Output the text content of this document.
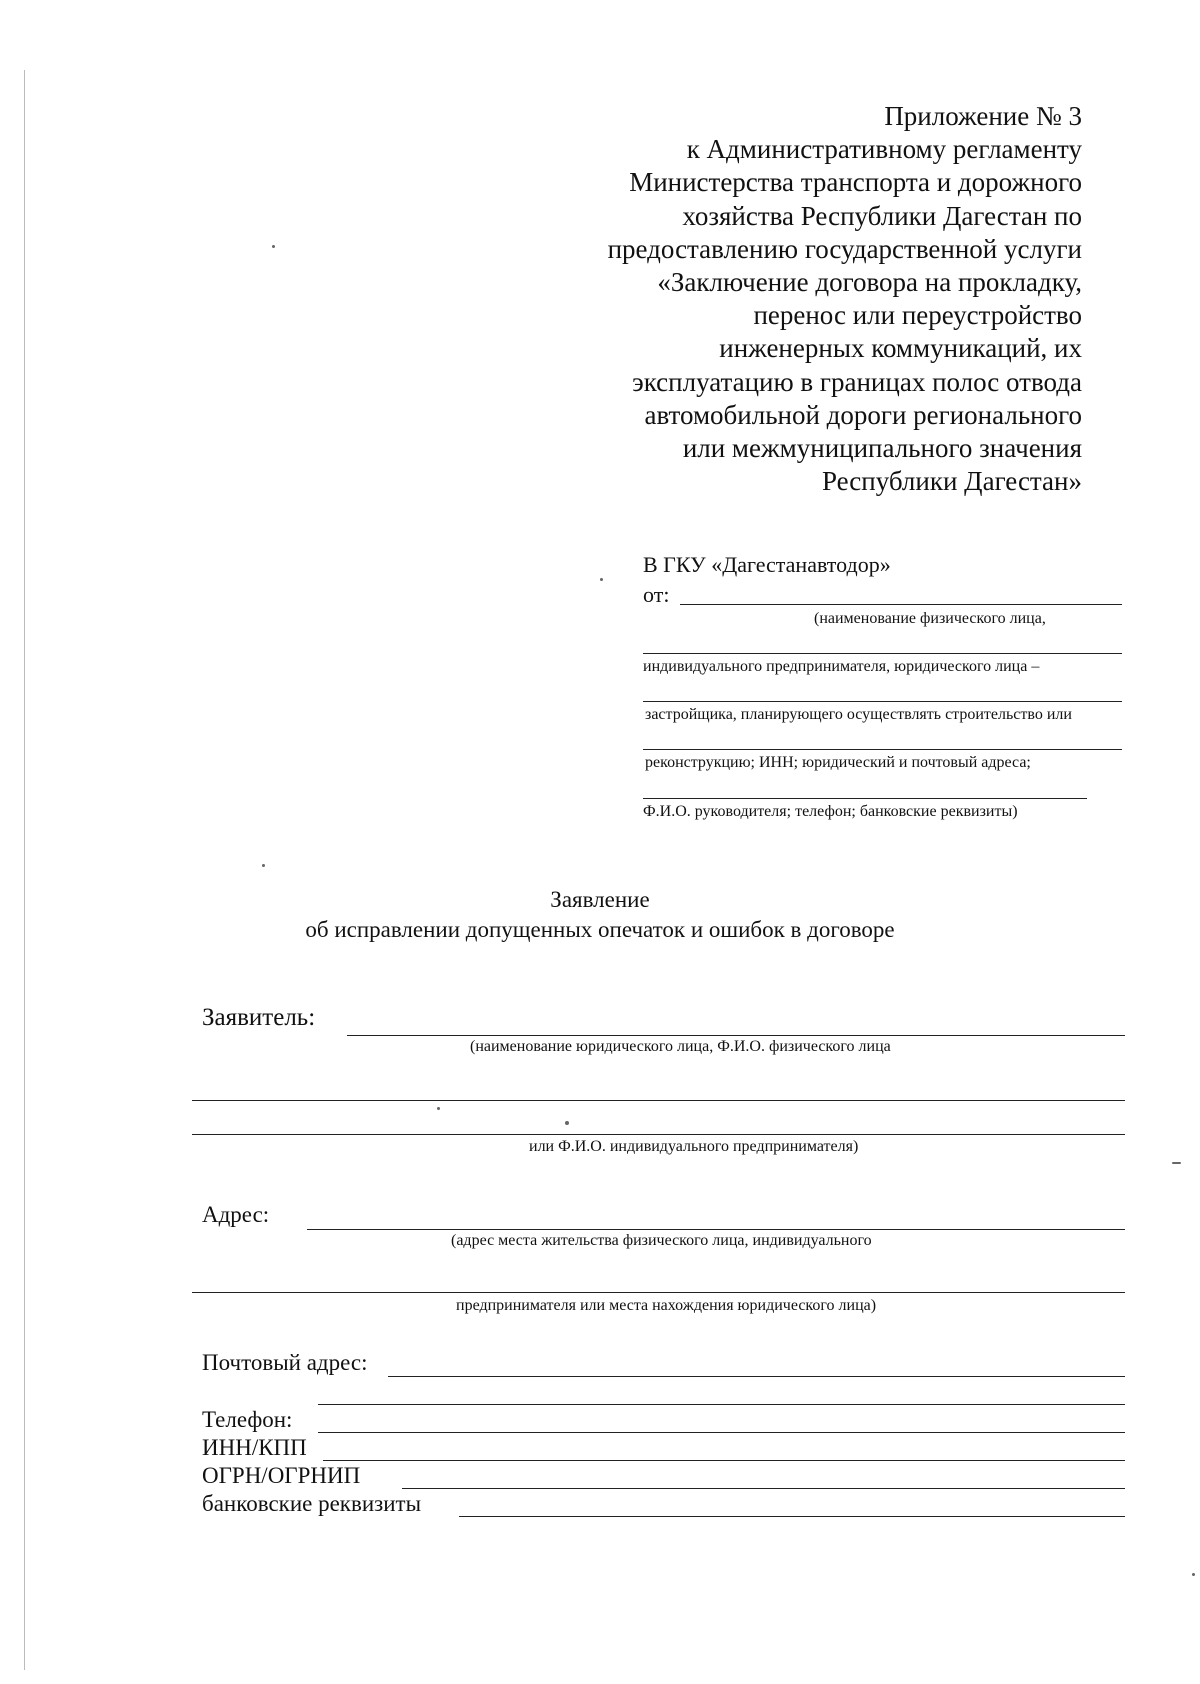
Приложение № 3
к Административному регламенту
Министерства транспорта и дорожного
хозяйства Республики Дагестан по
предоставлению государственной услуги
«Заключение договора на прокладку,
перенос или переустройство
инженерных коммуникаций, их
эксплуатацию в границах полос отвода
автомобильной дороги регионального
или межмуниципального значения
Республики Дагестан»
В ГКУ «Дагестанавтодор»
от:
(наименование физического лица,
индивидуального предпринимателя, юридического лица –
застройщика, планирующего осуществлять строительство или
реконструкцию; ИНН; юридический и почтовый адреса;
Ф.И.О. руководителя; телефон; банковские реквизиты)
Заявление
об исправлении допущенных опечаток и ошибок в договоре
Заявитель:
(наименование юридического лица, Ф.И.О. физического лица
или Ф.И.О. индивидуального предпринимателя)
Адрес:
(адрес места жительства физического лица, индивидуального
предпринимателя или места нахождения юридического лица)
Почтовый адрес:
Телефон:
ИНН/КПП
ОГРН/ОГРНИП
банковские реквизиты
